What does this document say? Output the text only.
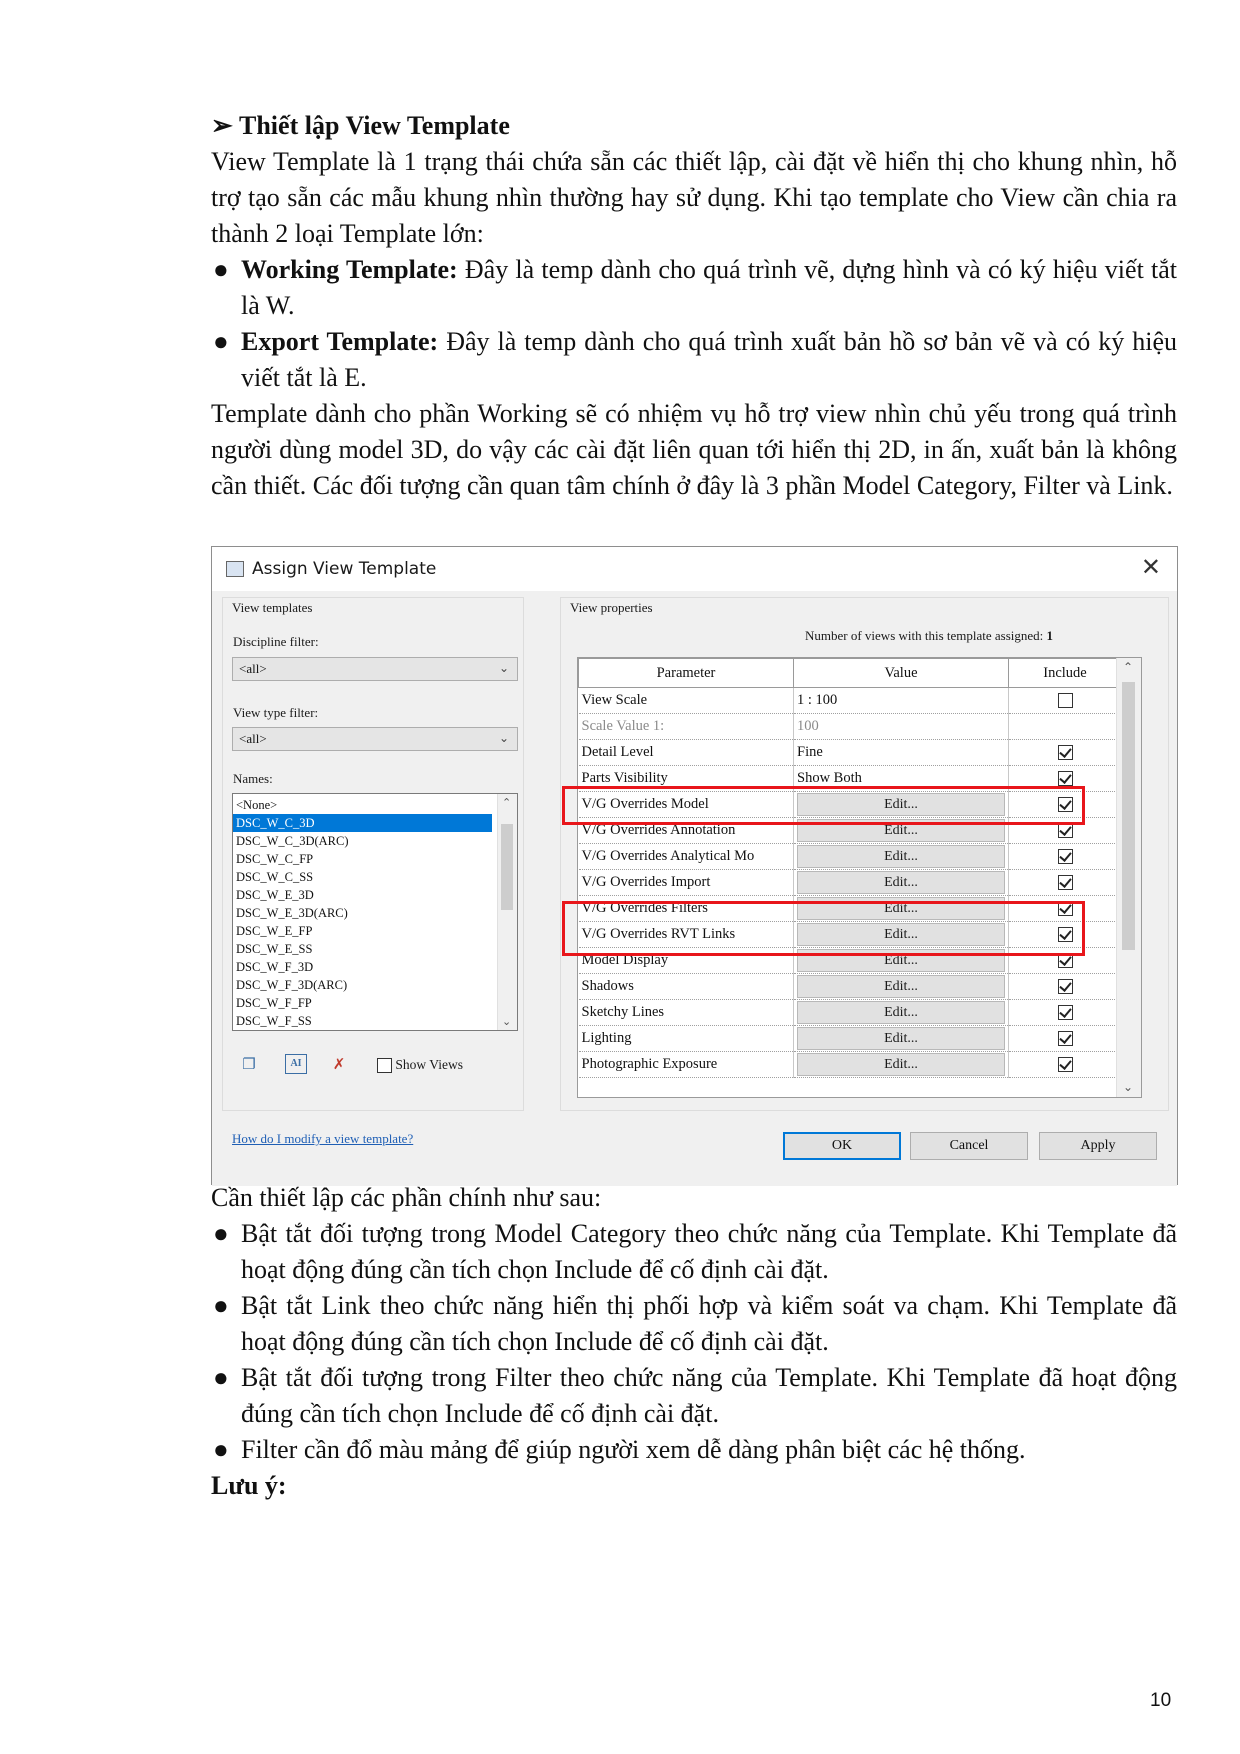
➢ Thiết lập View Template

View Template là 1 trạng thái chứa sẵn các thiết lập, cài đặt về hiển thị cho khung nhìn, hỗ trợ tạo sẵn các mẫu khung nhìn thường hay sử dụng. Khi tạo template cho View cần chia ra thành 2 loại Template lớn:

● Working Template: Đây là temp dành cho quá trình vẽ, dựng hình và có ký hiệu viết tắt là W.
● Export Template: Đây là temp dành cho quá trình xuất bản hồ sơ bản vẽ và có ký hiệu viết tắt là E.

Template dành cho phần Working sẽ có nhiệm vụ hỗ trợ view nhìn chủ yếu trong quá trình người dùng model 3D, do vậy các cài đặt liên quan tới hiển thị 2D, in ấn, xuất bản là không cần thiết. Các đối tượng cần quan tâm chính ở đây là 3 phần Model Category, Filter và Link.

Assign View Template	✕
View templates
Discipline filter:
<all>	⌄
View type filter:
<all>	⌄
Names:
<None>
DSC_W_C_3D
DSC_W_C_3D(ARC)
DSC_W_C_FP
DSC_W_C_SS
DSC_W_E_3D
DSC_W_E_3D(ARC)
DSC_W_E_FP
DSC_W_E_SS
DSC_W_F_3D
DSC_W_F_3D(ARC)
DSC_W_F_FP
DSC_W_F_SS
⌃
⌄
❐	AI	✗	Show Views
View properties
Number of views with this template assigned: 1
Parameter	Value	Include
View Scale	1 : 100	
Scale Value 1:	100	
Detail Level	Fine	
Parts Visibility	Show Both	
V/G Overrides Model	Edit...	

V/G Overrides Annotation	Edit...	

V/G Overrides Analytical Mo	Edit...	

V/G Overrides Import	Edit...	

V/G Overrides Filters	Edit...	

V/G Overrides RVT Links	Edit...	

Model Display	Edit...	

Shadows	Edit...	

Sketchy Lines	Edit...	

Lighting	Edit...	

Photographic Exposure	Edit...	

⌃
⌄
How do I modify a view template?	OK	Cancel	Apply

Cần thiết lập các phần chính như sau:

● Bật tắt đối tượng trong Model Category theo chức năng của Template. Khi Template đã hoạt động đúng cần tích chọn Include để cố định cài đặt.
● Bật tắt Link theo chức năng hiển thị phối hợp và kiểm soát va chạm. Khi Template đã hoạt động đúng cần tích chọn Include để cố định cài đặt.
● Bật tắt đối tượng trong Filter theo chức năng của Template. Khi Template đã hoạt động đúng cần tích chọn Include để cố định cài đặt.
● Filter cần đổ màu mảng để giúp người xem dễ dàng phân biệt các hệ thống.
Lưu ý:
10
